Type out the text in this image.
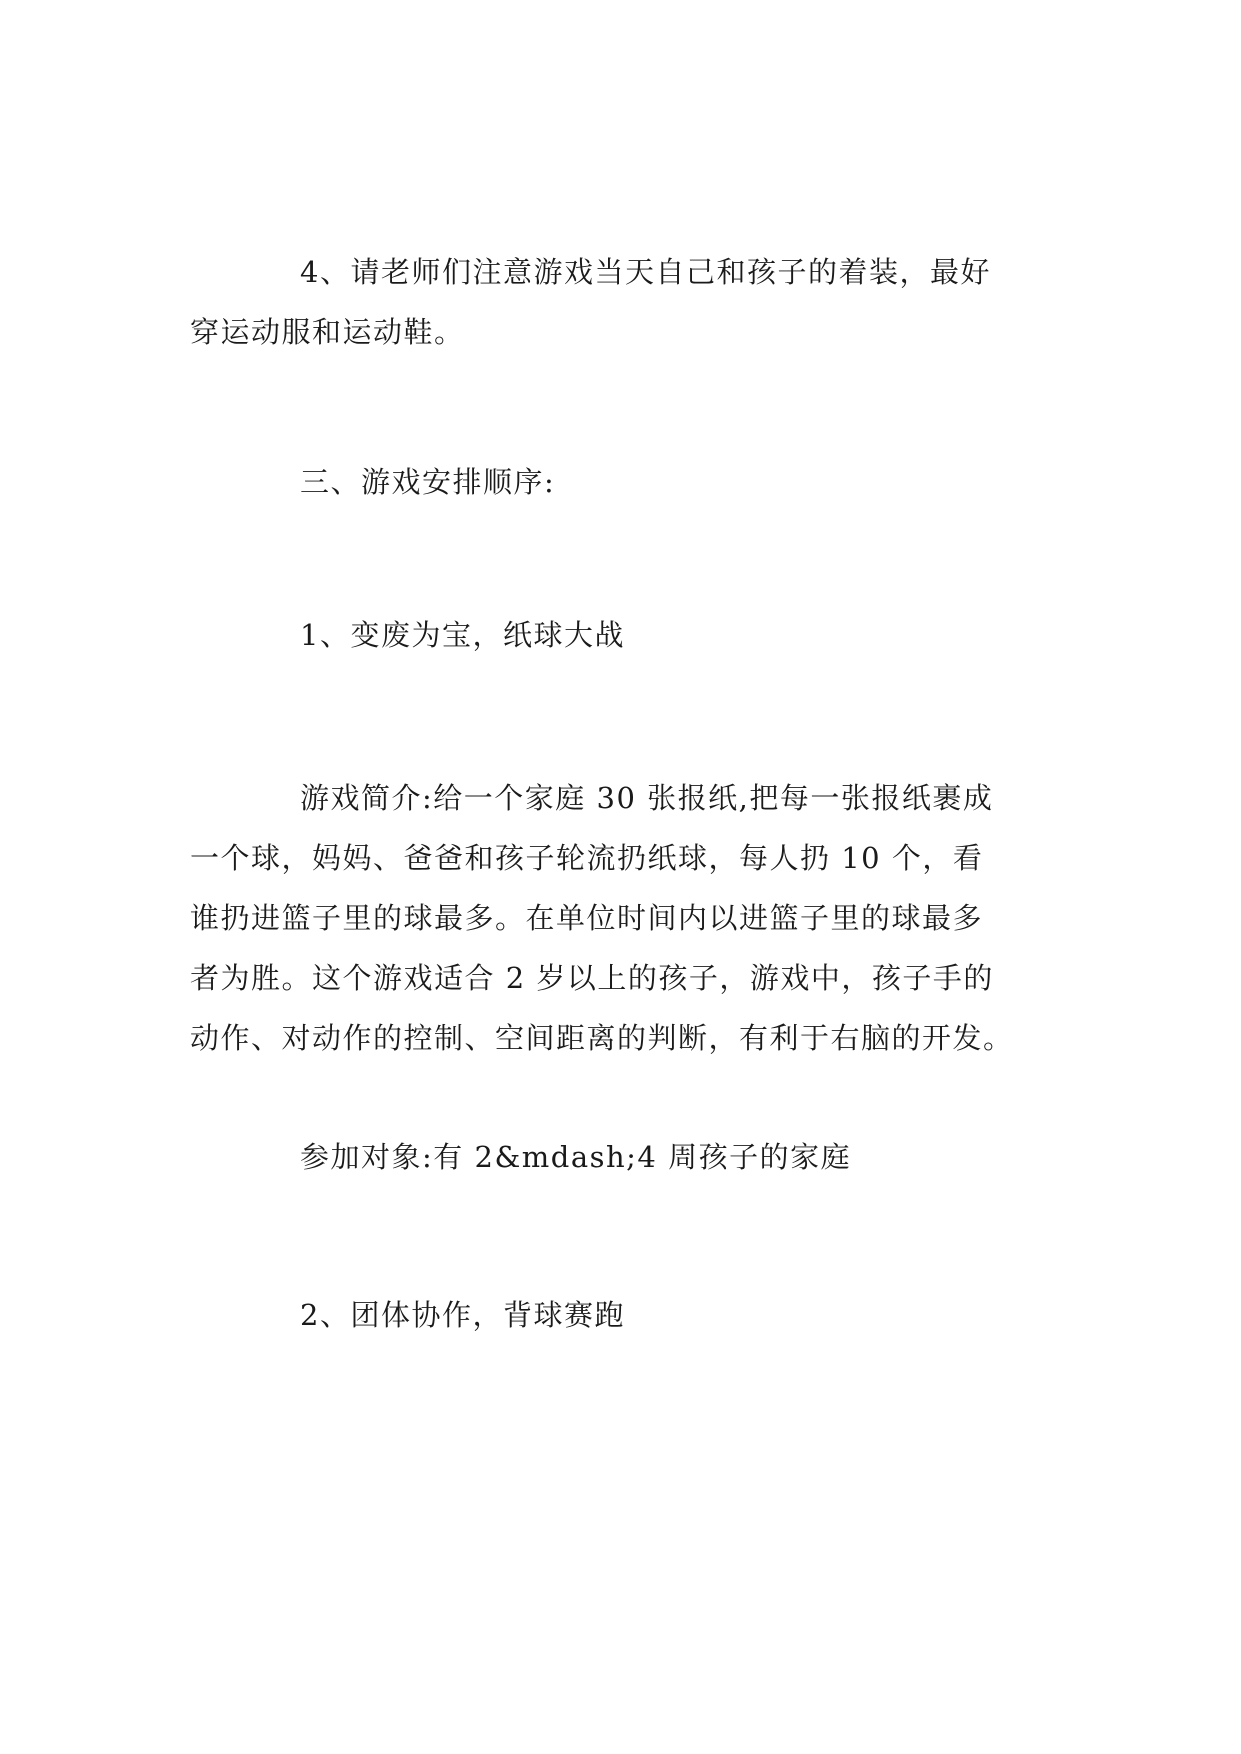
4、请老师们注意游戏当天自己和孩子的着装，最好
穿运动服和运动鞋。
三、游戏安排顺序:
1、变废为宝，纸球大战
游戏简介:给一个家庭 30 张报纸,把每一张报纸裹成
一个球，妈妈、爸爸和孩子轮流扔纸球，每人扔 10 个，看
谁扔进篮子里的球最多。在单位时间内以进篮子里的球最多
者为胜。这个游戏适合 2 岁以上的孩子，游戏中，孩子手的
动作、对动作的控制、空间距离的判断，有利于右脑的开发。
参加对象:有 2&mdash;4 周孩子的家庭
2、团体协作，背球赛跑
